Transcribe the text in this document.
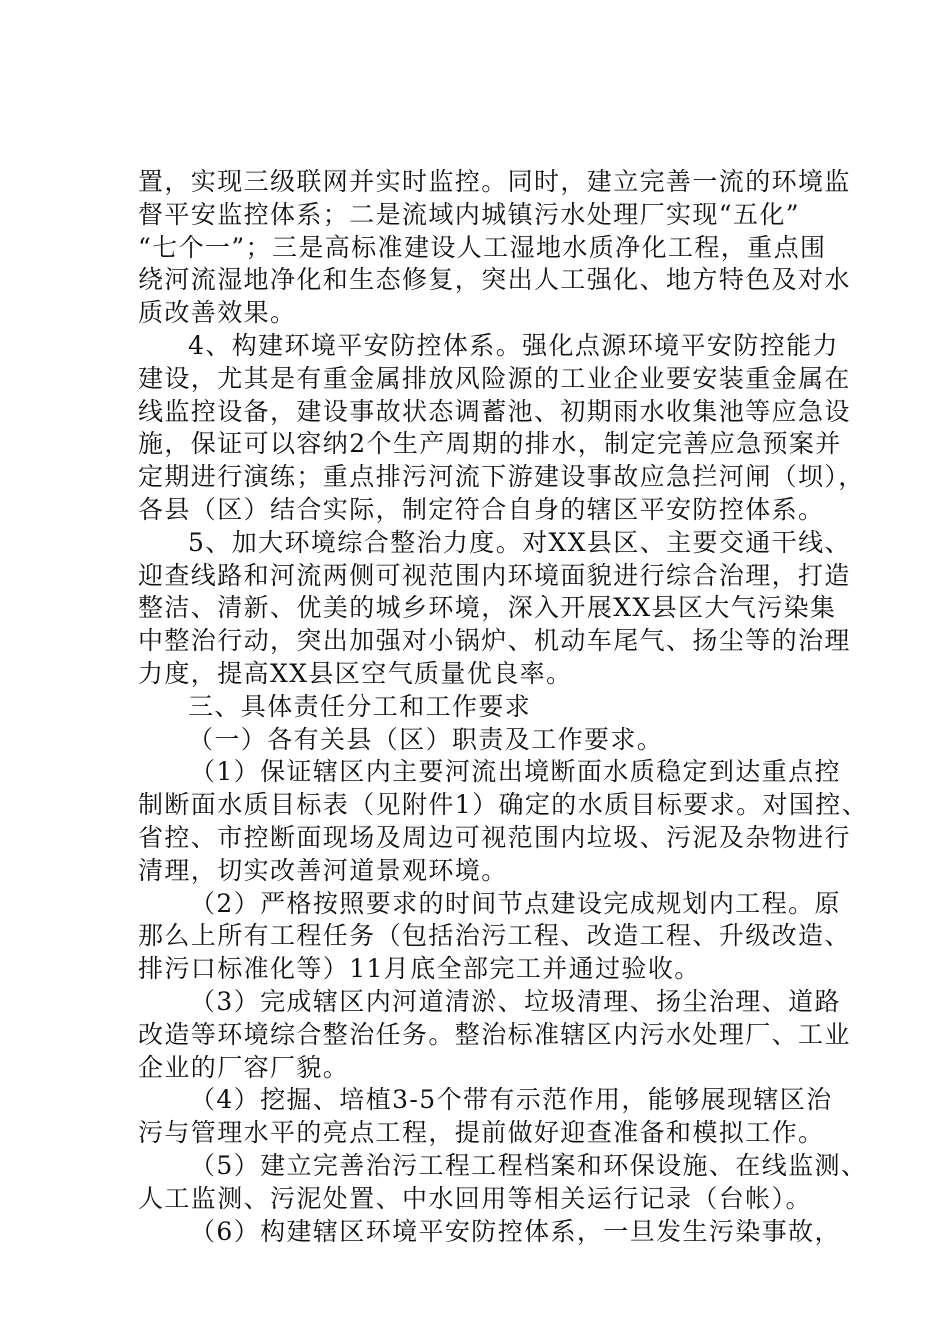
置，实现三级联网并实时监控。同时，建立完善一流的环境监
督平安监控体系；二是流域内城镇污水处理厂实现“五化”
“七个一”；三是高标准建设人工湿地水质净化工程，重点围
绕河流湿地净化和生态修复，突出人工强化、地方特色及对水
质改善效果。
4、构建环境平安防控体系。强化点源环境平安防控能力
建设，尤其是有重金属排放风险源的工业企业要安装重金属在
线监控设备，建设事故状态调蓄池、初期雨水收集池等应急设
施，保证可以容纳2个生产周期的排水，制定完善应急预案并
定期进行演练；重点排污河流下游建设事故应急拦河闸（坝），
各县（区）结合实际，制定符合自身的辖区平安防控体系。
5、加大环境综合整治力度。对XX县区、主要交通干线、
迎查线路和河流两侧可视范围内环境面貌进行综合治理，打造
整洁、清新、优美的城乡环境，深入开展XX县区大气污染集
中整治行动，突出加强对小锅炉、机动车尾气、扬尘等的治理
力度，提高XX县区空气质量优良率。
三、具体责任分工和工作要求
（一）各有关县（区）职责及工作要求。
（1）保证辖区内主要河流出境断面水质稳定到达重点控
制断面水质目标表（见附件1）确定的水质目标要求。对国控、
省控、市控断面现场及周边可视范围内垃圾、污泥及杂物进行
清理，切实改善河道景观环境。
（2）严格按照要求的时间节点建设完成规划内工程。原
那么上所有工程任务（包括治污工程、改造工程、升级改造、
排污口标准化等）11月底全部完工并通过验收。
（3）完成辖区内河道清淤、垃圾清理、扬尘治理、道路
改造等环境综合整治任务。整治标准辖区内污水处理厂、工业
企业的厂容厂貌。
（4）挖掘、培植3-5个带有示范作用，能够展现辖区治
污与管理水平的亮点工程，提前做好迎查准备和模拟工作。
（5）建立完善治污工程工程档案和环保设施、在线监测、
人工监测、污泥处置、中水回用等相关运行记录（台帐）。
（6）构建辖区环境平安防控体系，一旦发生污染事故，
